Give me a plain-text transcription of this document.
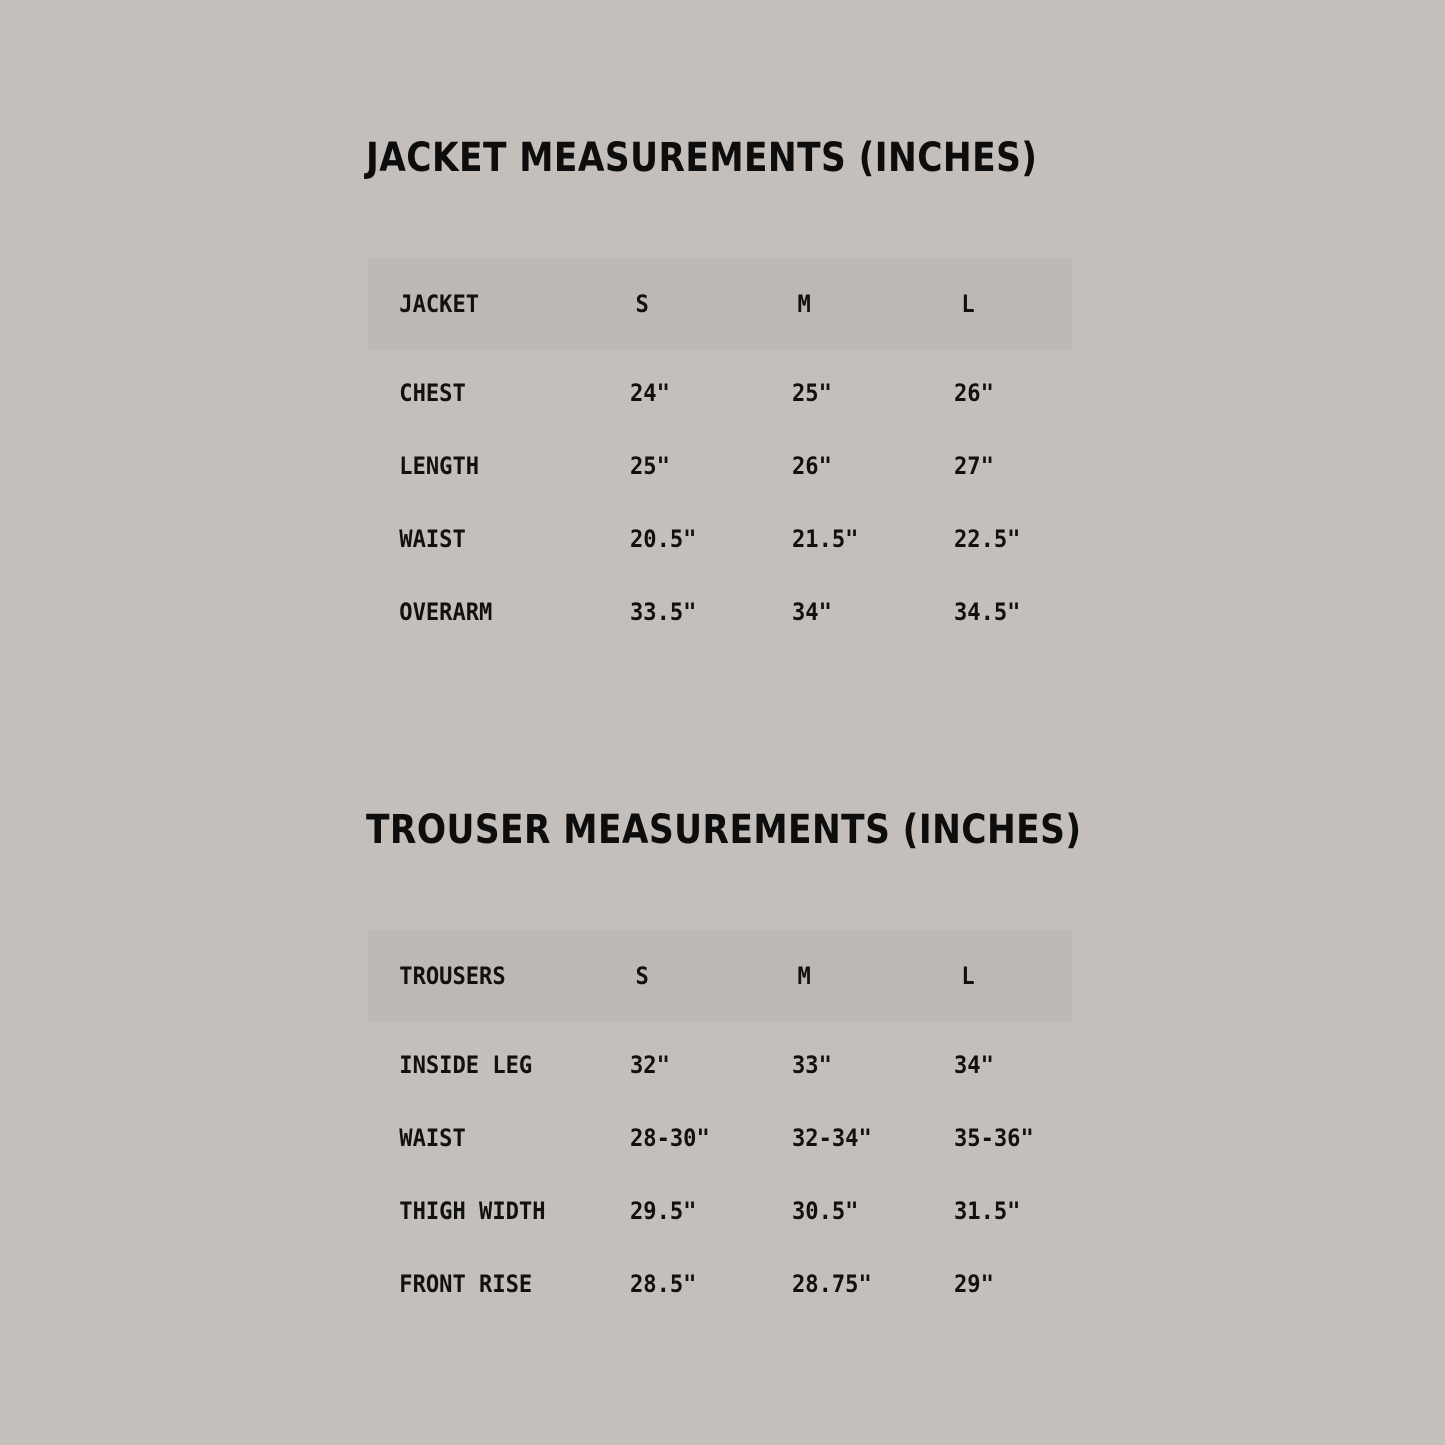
JACKET MEASUREMENTS (INCHES)
JACKET	S	M	L
CHEST	24"	25"	26"
LENGTH	25"	26"	27"
WAIST	20.5"	21.5"	22.5"
OVERARM	33.5"	34"	34.5"
TROUSER MEASUREMENTS (INCHES)
TROUSERS	S	M	L
INSIDE LEG	32"	33"	34"
WAIST	28-30"	32-34"	35-36"
THIGH WIDTH	29.5"	30.5"	31.5"
FRONT RISE	28.5"	28.75"	29"
